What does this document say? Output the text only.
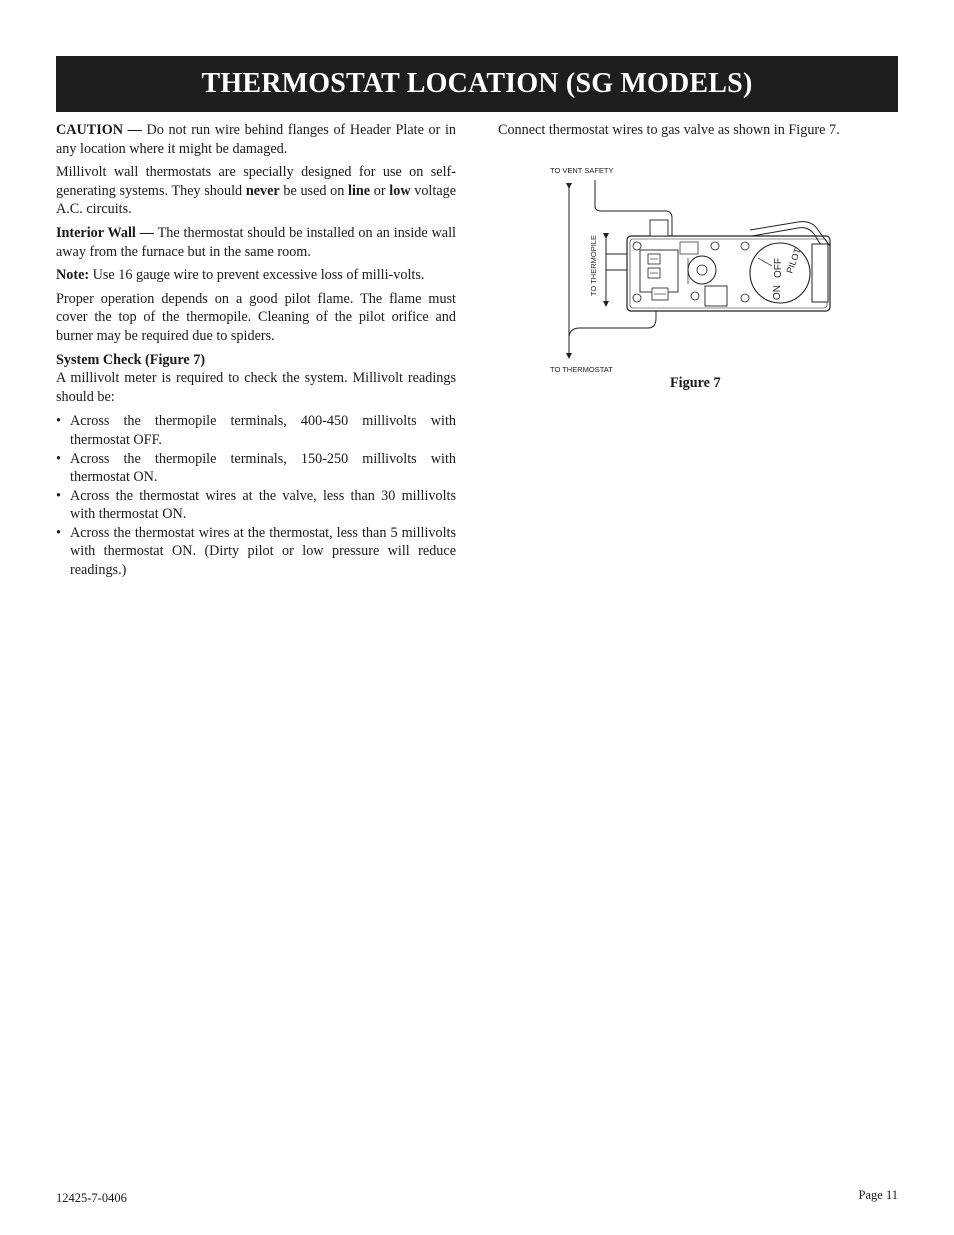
THERMOSTAT LOCATION (SG MODELS)

CAUTION — Do not run wire behind flanges of Header Plate or in any location where it might be damaged.

Millivolt wall thermostats are specially designed for use on self-generating systems. They should never be used on line or low voltage A.C. circuits.

Interior Wall — The thermostat should be installed on an inside wall away from the furnace but in the same room.

Note: Use 16 gauge wire to prevent excessive loss of milli-volts.

Proper operation depends on a good pilot flame. The flame must cover the top of the thermopile. Cleaning of the pilot orifice and burner may be required due to spiders.

System Check (Figure 7)
A millivolt meter is required to check the system. Millivolt readings should be:

• Across the thermopile terminals, 400-450 millivolts with thermostat OFF.
• Across the thermopile terminals, 150-250 millivolts with thermostat ON.
• Across the thermostat wires at the valve, less than 30 millivolts with thermostat ON.
• Across the thermostat wires at the thermostat, less than 5 millivolts with thermostat ON. (Dirty pilot or low pressure will reduce readings.)

Connect thermostat wires to gas valve as shown in Figure 7.

TO VENT SAFETY
TO THERMOSTAT
TO THERMOPILE	ON
OFF PILOT
Figure 7
12425-7-0406	Page 11
